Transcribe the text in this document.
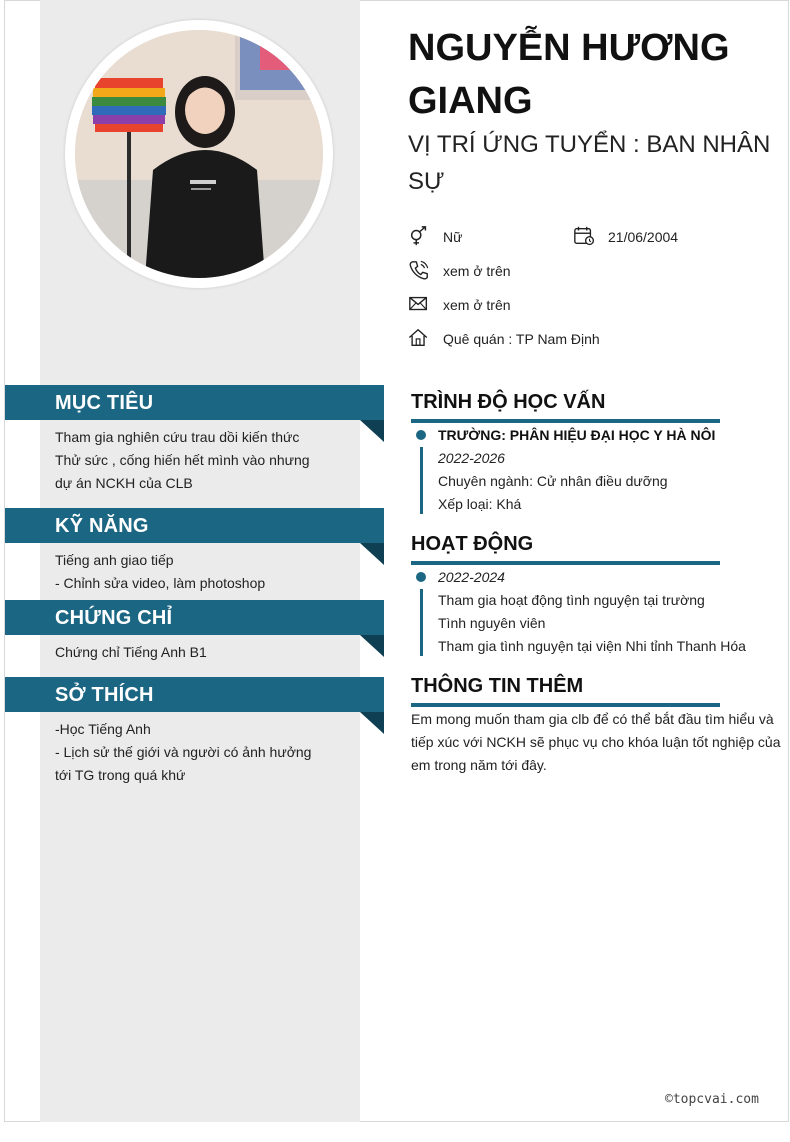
NGUYỄN HƯƠNG GIANG
VỊ TRÍ ỨNG TUYỂN : BAN NHÂN SỰ
Nữ	21/06/2004
xem ở trên
xem ở trên
Quê quán : TP Nam Định
MỤC TIÊU
Tham gia nghiên cứu trau dồi kiến thức
Thử sức , cống hiến hết mình vào nhưng
dự án NCKH của CLB
KỸ NĂNG
Tiếng anh giao tiếp
- Chỉnh sửa video, làm photoshop
CHỨNG CHỈ
Chứng chỉ Tiếng Anh B1
SỞ THÍCH
-Học Tiếng Anh
- Lịch sử thế giới và người có ảnh hưởng
tới TG trong quá khứ
TRÌNH ĐỘ HỌC VẤN
TRƯỜNG: PHÂN HIỆU ĐẠI HỌC Y HÀ NÔI
2022-2026
Chuyên ngành: Cử nhân điều dưỡng
Xếp loại: Khá
HOẠT ĐỘNG
2022-2024
Tham gia hoạt động tình nguyện tại trường
Tình nguyên viên
Tham gia tình nguyện tại viện Nhi tỉnh Thanh Hóa
THÔNG TIN THÊM
Em mong muốn tham gia clb để có thể bắt đầu tìm hiểu và tiếp xúc với NCKH sẽ phục vụ cho khóa luận tốt nghiệp của em trong năm tới đây.
©topcvai.com
